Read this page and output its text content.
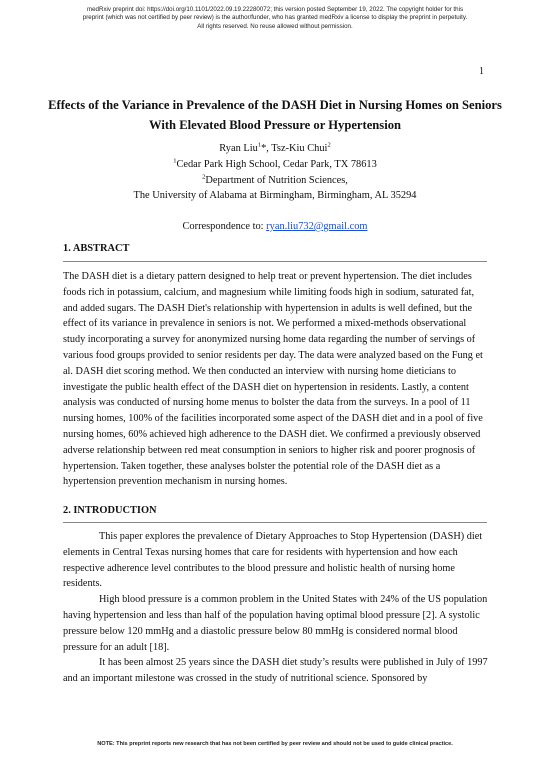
medRxiv preprint doi: https://doi.org/10.1101/2022.09.19.22280072; this version posted September 19, 2022. The copyright holder for this
preprint (which was not certified by peer review) is the author/funder, who has granted medRxiv a license to display the preprint in perpetuity.
All rights reserved. No reuse allowed without permission.
1
Effects of the Variance in Prevalence of the DASH Diet in Nursing Homes on Seniors With Elevated Blood Pressure or Hypertension
Ryan Liu$^1$*, Tsz-Kiu Chui$^2$
$^1$Cedar Park High School, Cedar Park, TX 78613
$^2$Department of Nutrition Sciences,
The University of Alabama at Birmingham, Birmingham, AL 35294
Correspondence to: ryan.liu732@gmail.com
1. ABSTRACT

The DASH diet is a dietary pattern designed to help treat or prevent hypertension. The diet includes foods rich in potassium, calcium, and magnesium while limiting foods high in sodium, saturated fat, and added sugars. The DASH Diet's relationship with hypertension in adults is well defined, but the effect of its variance in prevalence in seniors is not. We performed a mixed-methods observational study incorporating a survey for anonymized nursing home data regarding the number of servings of various food groups provided to senior residents per day. The data were analyzed based on the Fung et al. DASH diet scoring method. We then conducted an interview with nursing home dieticians to investigate the public health effect of the DASH diet on hypertension in residents. Lastly, a content analysis was conducted of nursing home menus to bolster the data from the surveys. In a pool of 11 nursing homes, 100% of the facilities incorporated some aspect of the DASH diet and in a pool of five nursing homes, 60% achieved high adherence to the DASH diet. We confirmed a previously observed adverse relationship between red meat consumption in seniors to higher risk and poorer prognosis of hypertension. Taken together, these analyses bolster the potential role of the DASH diet as a hypertension prevention mechanism in nursing homes.

2. INTRODUCTION

This paper explores the prevalence of Dietary Approaches to Stop Hypertension (DASH) diet elements in Central Texas nursing homes that care for residents with hypertension and how each respective adherence level contributes to the blood pressure and holistic health of nursing home residents.

High blood pressure is a common problem in the United States with 24% of the US population having hypertension and less than half of the population having optimal blood pressure [2]. A systolic pressure below 120 mmHg and a diastolic pressure below 80 mmHg is considered normal blood pressure for an adult [18].

It has been almost 25 years since the DASH diet study’s results were published in July of 1997 and an important milestone was crossed in the study of nutritional science. Sponsored by

NOTE: This preprint reports new research that has not been certified by peer review and should not be used to guide clinical practice.
